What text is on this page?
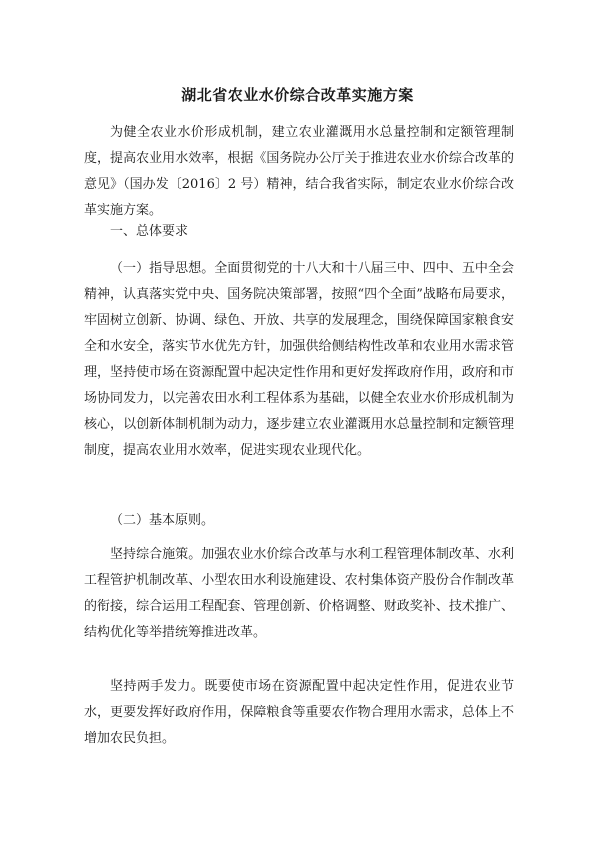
湖北省农业水价综合改革实施方案

为健全农业水价形成机制，建立农业灌溉用水总量控制和定额管理制度，提高农业用水效率，根据《国务院办公厅关于推进农业水价综合改革的意见》（国办发〔2016〕2 号）精神，结合我省实际，制定农业水价综合改革实施方案。

一、总体要求

（一）指导思想。全面贯彻党的十八大和十八届三中、四中、五中全会精神，认真落实党中央、国务院决策部署，按照“四个全面”战略布局要求，牢固树立创新、协调、绿色、开放、共享的发展理念，围绕保障国家粮食安全和水安全，落实节水优先方针，加强供给侧结构性改革和农业用水需求管理，坚持使市场在资源配置中起决定性作用和更好发挥政府作用，政府和市场协同发力，以完善农田水利工程体系为基础，以健全农业水价形成机制为核心，以创新体制机制为动力，逐步建立农业灌溉用水总量控制和定额管理制度，提高农业用水效率，促进实现农业现代化。

（二）基本原则。

坚持综合施策。加强农业水价综合改革与水利工程管理体制改革、水利工程管护机制改革、小型农田水利设施建设、农村集体资产股份合作制改革的衔接，综合运用工程配套、管理创新、价格调整、财政奖补、技术推广、结构优化等举措统筹推进改革。

坚持两手发力。既要使市场在资源配置中起决定性作用，促进农业节水，更要发挥好政府作用，保障粮食等重要农作物合理用水需求，总体上不增加农民负担。
